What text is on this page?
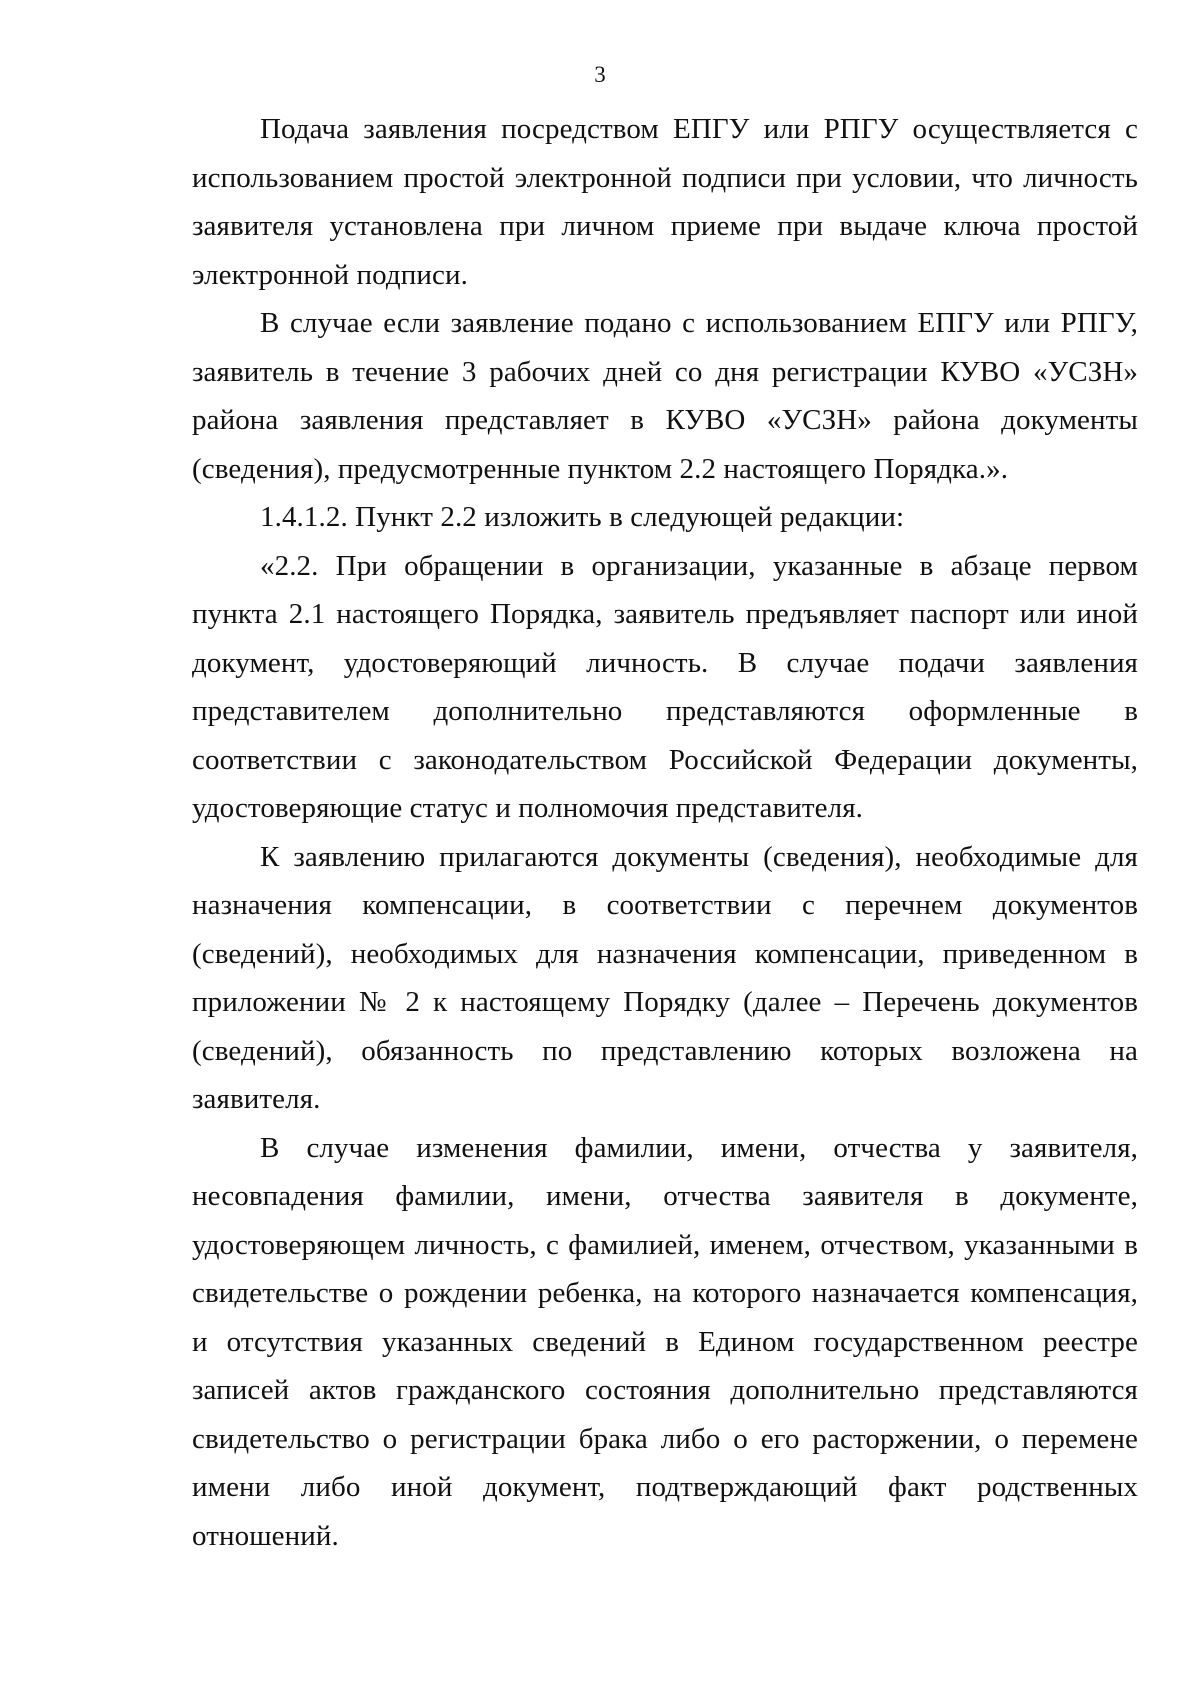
3

Подача заявления посредством ЕПГУ или РПГУ осуществляется с использованием простой электронной подписи при условии, что личность заявителя установлена при личном приеме при выдаче ключа простой электронной подписи.

В случае если заявление подано с использованием ЕПГУ или РПГУ, заявитель в течение 3 рабочих дней со дня регистрации КУВО «УСЗН» района заявления представляет в КУВО «УСЗН» района документы (сведения), предусмотренные пунктом 2.2 настоящего Порядка.».

1.4.1.2. Пункт 2.2 изложить в следующей редакции:

«2.2. При обращении в организации, указанные в абзаце первом пункта 2.1 настоящего Порядка, заявитель предъявляет паспорт или иной документ, удостоверяющий личность. В случае подачи заявления представителем дополнительно представляются оформленные в соответствии с законодательством Российской Федерации документы, удостоверяющие статус и полномочия представителя.

К заявлению прилагаются документы (сведения), необходимые для назначения компенсации, в соответствии с перечнем документов (сведений), необходимых для назначения компенсации, приведенном в приложении № 2 к настоящему Порядку (далее – Перечень документов (сведений), обязанность по представлению которых возложена на заявителя.

В случае изменения фамилии, имени, отчества у заявителя, несовпадения фамилии, имени, отчества заявителя в документе, удостоверяющем личность, с фамилией, именем, отчеством, указанными в свидетельстве о рождении ребенка, на которого назначается компенсация, и отсутствия указанных сведений в Едином государственном реестре записей актов гражданского состояния дополнительно представляются свидетельство о регистрации брака либо о его расторжении, о перемене имени либо иной документ, подтверждающий факт родственных отношений.
